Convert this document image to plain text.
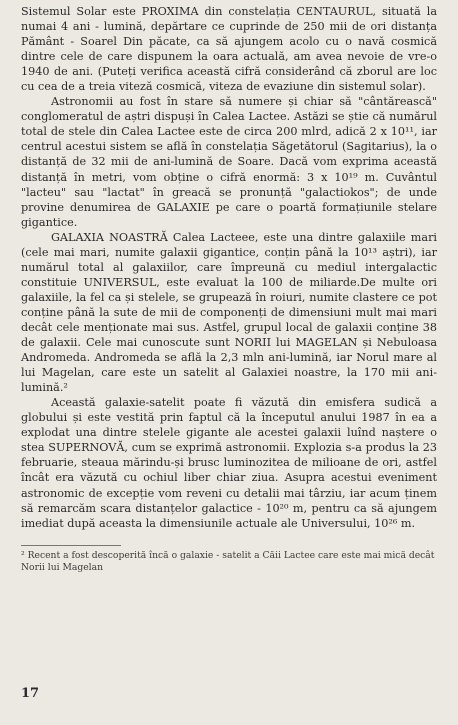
Sistemul Solar este PROXIMA din constelația CENTAURUL, situată la numai 4 ani - lumină, depărtare ce cuprinde de 250 mii de ori distanța Pământ - Soarel Din păcate, ca să ajungem acolo cu o navă cosmică dintre cele de care dispunem la oara actuală, am avea nevoie de vre-o 1940 de ani. (Puteți verifica această cifră considerând că zborul are loc cu cea de a treia viteză cosmică, viteza de evaziune din sistemul solar).

Astronomii au fost în stare să numere și chiar să "cântărească" conglomeratul de aștri dispuși în Calea Lactee. Astăzi se știe că numărul total de stele din Calea Lactee este de circa 200 mlrd, adică 2 x 10¹¹, iar centrul acestui sistem se află în constelația Săgetătorul (Sagitarius), la o distanță de 32 mii de ani-lumină de Soare. Dacă vom exprima această distanță în metri, vom obține o cifră enormă: 3 x 10¹⁹ m. Cuvântul "lacteu" sau "lactat" în greacă se pronunță "galactiokos"; de unde provine denumirea de GALAXIE pe care o poartă formațiunile stelare gigantice.

GALAXIA NOASTRĂ Calea Lacteee, este una dintre galaxiile mari (cele mai mari, numite galaxii gigantice, conțin până la 10¹³ aștri), iar numărul total al galaxiilor, care împreună cu mediul intergalactic constituie UNIVERSUL, este evaluat la 100 de miliarde.De multe ori galaxiile, la fel ca și stelele, se grupează în roiuri, numite clastere ce pot conține până la sute de mii de componenți de dimensiuni mult mai mari decât cele menționate mai sus. Astfel, grupul local de galaxii conține 38 de galaxii. Cele mai cunoscute sunt NORII lui MAGELAN și Nebuloasa Andromeda. Andromeda se află la 2,3 mln ani-lumină, iar Norul mare al lui Magelan, care este un satelit al Galaxiei noastre, la 170 mii ani-lumină.²

Această galaxie-satelit poate fi văzută din emisfera sudică a globului și este vestită prin faptul că la începutul anului 1987 în ea a explodat una dintre stelele gigante ale acestei galaxii luînd naștere o stea SUPERNOVĂ, cum se exprimă astronomii. Explozia s-a produs la 23 februarie, steaua mărindu-și brusc luminozitea de milioane de ori, astfel încât era văzută cu ochiul liber chiar ziua. Asupra acestui eveniment astronomic de excepție vom reveni cu detalii mai târziu, iar acum ținem să remarcăm scara distanțelor galactice - 10²⁰ m, pentru ca să ajungem imediat după aceasta la dimensiunile actuale ale Universului, 10²⁶ m.

² Recent a fost descoperită încă o galaxie - satelit a Căii Lactee care este mai mică decât Norii lui Magelan

17
